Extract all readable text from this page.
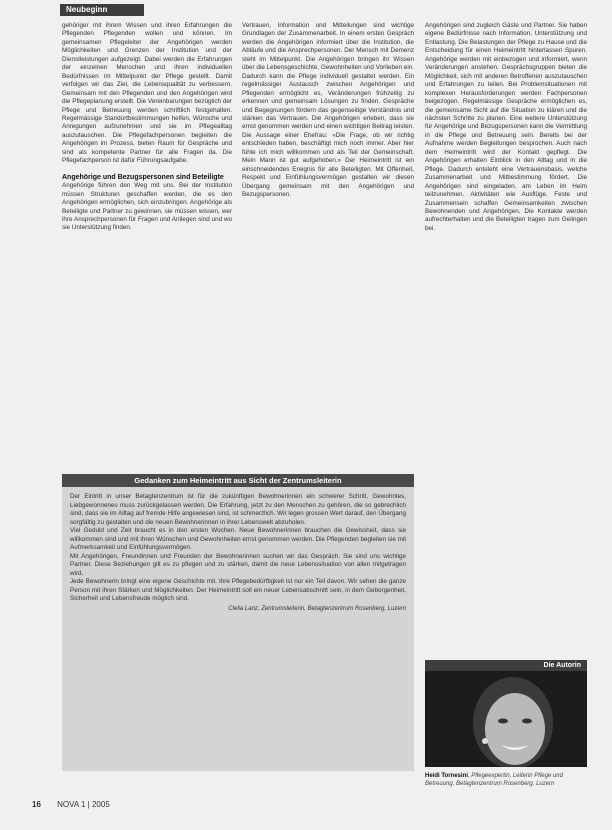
Neubeginn

gehöriger mit ihrem Wissen und ihren Erfahrungen die Pflegenden Pflegenden wollen und können. Im gemeinsamen Pflegeleiter der Angehörigen werden Möglichkeiten und Grenzen der Institution und der Dienstleistungen aufgezeigt. Dabei werden die Erfahrungen der einzelnen Menschen und ihren individuellen Bedürfnissen im Mittelpunkt der Pflege gestellt. Damit verfolgen wir das Ziel, die Lebensqualität zu verbessern. Gemeinsam mit den Pflegenden und den Angehörigen wird die Pflegeplanung erstellt. Die Vereinbarungen bezüglich der Pflege und Betreuung werden schriftlich festgehalten. Regelmässige Standortbestimmungen helfen, Wünsche und Anregungen aufzunehmen und sie im Pflegealltag auszutauschen. Die Pflegefachpersonen begleiten die Angehörigen im Prozess, bieten Raum für Gespräche und sind als kompetente Partner für alle Fragen da. Die Pflegefachperson ist dafür Führungsaufgabe.

Angehörige und Bezugspersonen sind Beteiligte

Angehörige führen den Weg mit uns. Bei der Institution müssen Strukturen geschaffen werden, die es den Angehörigen ermöglichen, sich einzubringen. Angehörige als Beteiligte und Partner zu gewinnen, sie müssen wissen, wer ihre Ansprechpersonen für Fragen und Anliegen sind und wo sie Unterstützung finden.

Vertrauen, Information und Mitteilungen sind wichtige Grundlagen der Zusammenarbeit. In einem ersten Gespräch werden die Angehörigen informiert über die Institution, die Abläufe und die Ansprechpersonen. Der Mensch mit Demenz steht im Mittelpunkt. Die Angehörigen bringen ihr Wissen über die Lebensgeschichte, Gewohnheiten und Vorlieben ein. Dadurch kann die Pflege individuell gestaltet werden. Ein regelmässiger Austausch zwischen Angehörigen und Pflegenden ermöglicht es, Veränderungen frühzeitig zu erkennen und gemeinsam Lösungen zu finden. Gespräche und Begegnungen fördern das gegenseitige Verständnis und stärken das Vertrauen. Die Angehörigen erleben, dass sie ernst genommen werden und einen wichtigen Beitrag leisten. Die Aussage einer Ehefrau: «Die Frage, ob wir richtig entschieden haben, beschäftigt mich noch immer. Aber hier fühle ich mich willkommen und als Teil der Gemeinschaft. Mein Mann ist gut aufgehoben.» Der Heimeintritt ist ein einschneidendes Ereignis für alle Beteiligten. Mit Offenheit, Respekt und Einfühlungsvermögen gestalten wir diesen Übergang gemeinsam mit den Angehörigen und Bezugspersonen.

Angehörigen sind zugleich Gäste und Partner. Sie haben eigene Bedürfnisse nach Information, Unterstützung und Entlastung. Die Belastungen der Pflege zu Hause und die Entscheidung für einen Heimeintritt hinterlassen Spuren. Angehörige werden mit einbezogen und informiert, wenn Veränderungen anstehen. Gesprächsgruppen bieten die Möglichkeit, sich mit anderen Betroffenen auszutauschen und Erfahrungen zu teilen. Bei Problemsituationen mit komplexen Herausforderungen werden Fachpersonen beigezogen. Regelmässige Gespräche ermöglichen es, die gemeinsame Sicht auf die Situation zu klären und die nächsten Schritte zu planen. Eine weitere Unterstützung für Angehörige und Bezugspersonen kann die Vermittlung in die Pflege und Betreuung sein. Bereits bei der Aufnahme werden Begleitungen besprochen. Auch nach dem Heimeintritt wird der Kontakt gepflegt. Die Angehörigen erhalten Einblick in den Alltag und in die Pflege. Dadurch entsteht eine Vertrauensbasis, welche Zusammenarbeit und Mitbestimmung fördert. Die Angehörigen sind eingeladen, am Leben im Heim teilzunehmen. Aktivitäten wie Ausflüge, Feste und Zusammensein schaffen Gemeinsamkeiten zwischen Bewohnenden und Angehörigen. Die Kontakte werden aufrechterhalten und die Beteiligten tragen zum Gelingen bei.

Gedanken zum Heimeintritt aus Sicht der Zentrumsleiterin

Der Eintritt in unser Betagtenzentrum ist für die zukünftigen Bewohnerinnen ein schwerer Schritt. Gewohntes, Liebgewonnenes muss zurückgelassen werden. Die Erfahrung, jetzt zu den Menschen zu gehören, die so gebrechlich sind, dass sie im Alltag auf fremde Hilfe angewiesen sind, ist schmerzlich. Wir legen grossen Wert darauf, den Übergang sorgfältig zu gestalten und die neuen Bewohnerinnen in ihrer Lebenswelt abzuholen.

Viel Geduld und Zeit braucht es in den ersten Wochen. Neue Bewohnerinnen brauchen die Gewissheit, dass sie willkommen sind und mit ihren Wünschen und Gewohnheiten ernst genommen werden. Die Pflegenden begleiten sie mit Aufmerksamkeit und Einfühlungsvermögen.

Mit Angehörigen, Freundinnen und Freunden der Bewohnerinnen suchen wir das Gespräch. Sie sind uns wichtige Partner. Diese Beziehungen gilt es zu pflegen und zu stärken, damit die neue Lebenssituation von allen mitgetragen wird.

Jede Bewohnerin bringt eine eigene Geschichte mit. Ihre Pflegebedürftigkeit ist nur ein Teil davon. Wir sehen die ganze Person mit ihren Stärken und Möglichkeiten. Der Heimeintritt soll ein neuer Lebensabschnitt sein, in dem Geborgenheit, Sicherheit und Lebensfreude möglich sind.

Clelia Lanz, Zentrumsleiterin, Betagtenzentrum Rosenberg, Luzern

Die Autorin
Heidi Tornesini, Pflegeexpertin, Leiterin Pflege und Betreuung, Betagtenzentrum Rosenberg, Luzern
16 NOVA 1 | 2005
